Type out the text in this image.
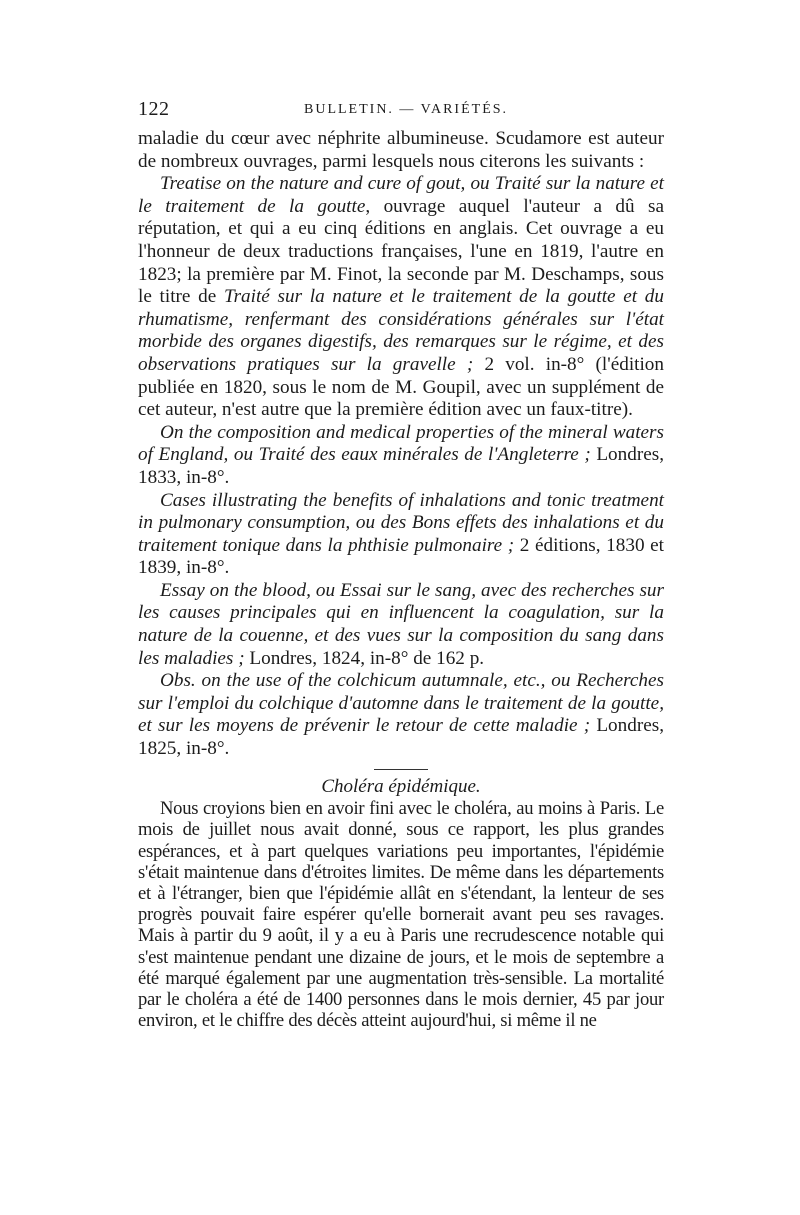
122	BULLETIN. — VARIÉTÉS.

maladie du cœur avec néphrite albumineuse. Scudamore est auteur de nombreux ouvrages, parmi lesquels nous citerons les suivants :

Treatise on the nature and cure of gout, ou Traité sur la nature et le traitement de la goutte, ouvrage auquel l'auteur a dû sa réputation, et qui a eu cinq éditions en anglais. Cet ouvrage a eu l'honneur de deux traductions françaises, l'une en 1819, l'autre en 1823; la première par M. Finot, la seconde par M. Deschamps, sous le titre de Traité sur la nature et le traitement de la goutte et du rhumatisme, renfermant des considérations générales sur l'état morbide des organes digestifs, des remarques sur le régime, et des observations pratiques sur la gravelle ; 2 vol. in-8° (l'édition publiée en 1820, sous le nom de M. Goupil, avec un supplément de cet auteur, n'est autre que la première édition avec un faux-titre).

On the composition and medical properties of the mineral waters of England, ou Traité des eaux minérales de l'Angleterre ; Londres, 1833, in-8°.

Cases illustrating the benefits of inhalations and tonic treatment in pulmonary consumption, ou des Bons effets des inhalations et du traitement tonique dans la phthisie pulmonaire ; 2 éditions, 1830 et 1839, in-8°.

Essay on the blood, ou Essai sur le sang, avec des recherches sur les causes principales qui en influencent la coagulation, sur la nature de la couenne, et des vues sur la composition du sang dans les maladies ; Londres, 1824, in-8° de 162 p.

Obs. on the use of the colchicum autumnale, etc., ou Recherches sur l'emploi du colchique d'automne dans le traitement de la goutte, et sur les moyens de prévenir le retour de cette maladie ; Londres, 1825, in-8°.

Choléra épidémique.

Nous croyions bien en avoir fini avec le choléra, au moins à Paris. Le mois de juillet nous avait donné, sous ce rapport, les plus grandes espérances, et à part quelques variations peu importantes, l'épidémie s'était maintenue dans d'étroites limites. De même dans les départements et à l'étranger, bien que l'épidémie allât en s'étendant, la lenteur de ses progrès pouvait faire espérer qu'elle bornerait avant peu ses ravages. Mais à partir du 9 août, il y a eu à Paris une recrudescence notable qui s'est maintenue pendant une dizaine de jours, et le mois de septembre a été marqué également par une augmentation très-sensible. La mortalité par le choléra a été de 1400 personnes dans le mois dernier, 45 par jour environ, et le chiffre des décès atteint aujourd'hui, si même il ne
